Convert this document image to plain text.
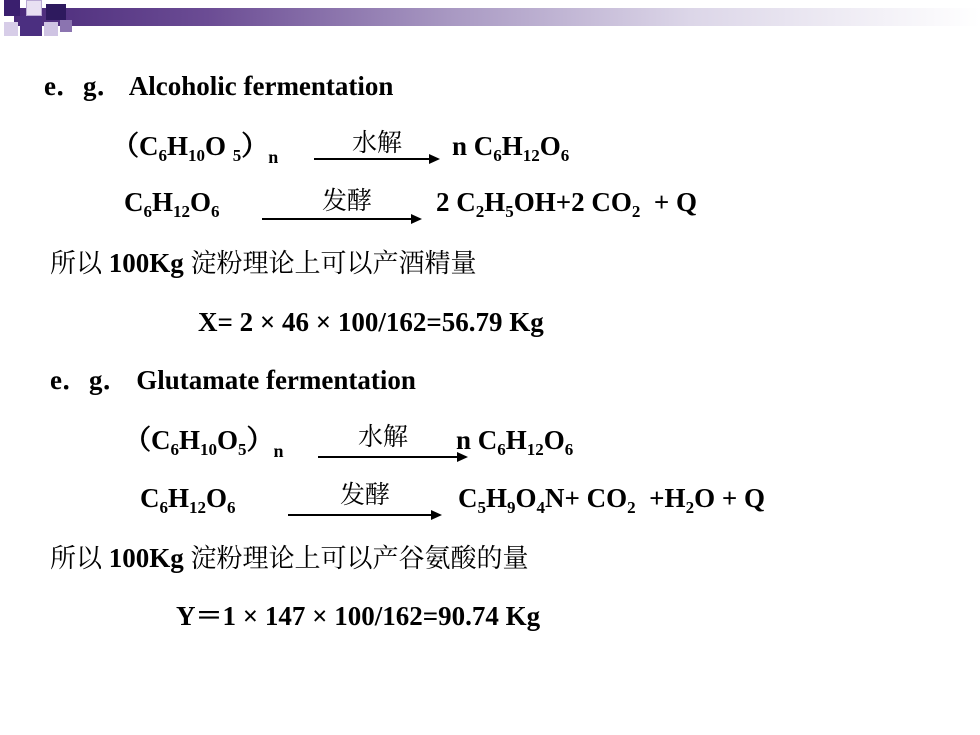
e．g． Alcoholic fermentation
（$C_6H_{10}O$ $_5)_n$	水解 n $C_6H_{12}O_6$
$C_6H_{12}O_6$	发酵 2 $C_2H_5OH+2$ $CO_2 + Q$
所以 100Kg 淀粉理论上可以产酒精量
X= 2 × 46 × 100/162=56.79 Kg
e．g． Glutamate fermentation
$(C_6H_{10}O_5)_n$	水解 n $C_6H_{12}O_6$
$C_6H_{12}O_6$	发酵	$C_5H_9O_4N+ CO_2 +H_2O + Q$
所以 100Kg 淀粉理论上可以产谷氨酸的量
Y＝1 × 147 × 100/162=90.74 Kg
